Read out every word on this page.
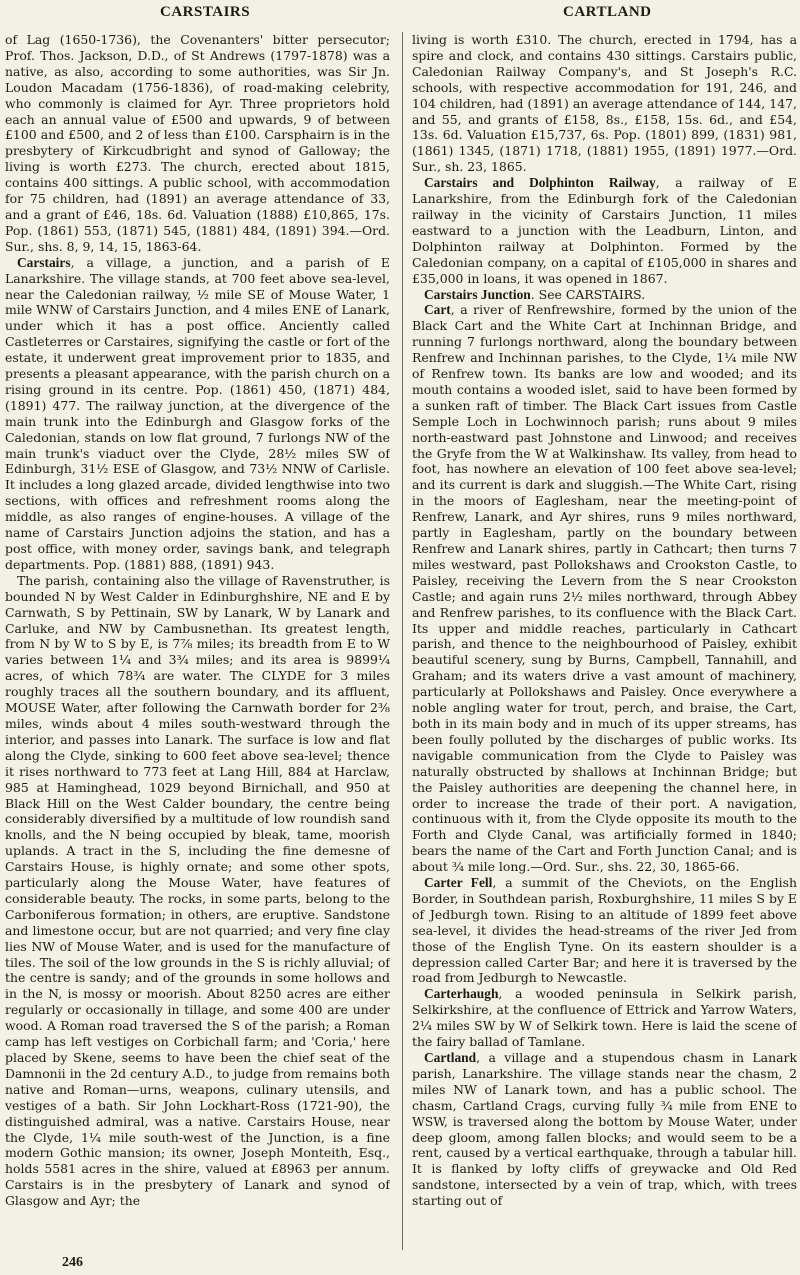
CARSTAIRS	CARTLAND

of Lag (1650-1736), the Covenanters' bitter persecutor; Prof. Thos. Jackson, D.D., of St Andrews (1797-1878) was a native, as also, according to some authorities, was Sir Jn. Loudon Macadam (1756-1836), of road-making celebrity, who commonly is claimed for Ayr. Three proprietors hold each an annual value of £500 and upwards, 9 of between £100 and £500, and 2 of less than £100. Carsphairn is in the presbytery of Kirkcudbright and synod of Galloway; the living is worth £273. The church, erected about 1815, contains 400 sittings. A public school, with accommodation for 75 children, had (1891) an average attendance of 33, and a grant of £46, 18s. 6d. Valuation (1888) £10,865, 17s. Pop. (1861) 553, (1871) 545, (1881) 484, (1891) 394.—Ord. Sur., shs. 8, 9, 14, 15, 1863-64.

Carstairs, a village, a junction, and a parish of E Lanarkshire. The village stands, at 700 feet above sea-level, near the Caledonian railway, ½ mile SE of Mouse Water, 1 mile WNW of Carstairs Junction, and 4 miles ENE of Lanark, under which it has a post office. Anciently called Castleterres or Carstaires, signifying the castle or fort of the estate, it underwent great improvement prior to 1835, and presents a pleasant appearance, with the parish church on a rising ground in its centre. Pop. (1861) 450, (1871) 484, (1891) 477. The railway junction, at the divergence of the main trunk into the Edinburgh and Glasgow forks of the Caledonian, stands on low flat ground, 7 furlongs NW of the main trunk's viaduct over the Clyde, 28½ miles SW of Edinburgh, 31½ ESE of Glasgow, and 73½ NNW of Carlisle. It includes a long glazed arcade, divided lengthwise into two sections, with offices and refreshment rooms along the middle, as also ranges of engine-houses. A village of the name of Carstairs Junction adjoins the station, and has a post office, with money order, savings bank, and telegraph departments. Pop. (1881) 888, (1891) 943.

The parish, containing also the village of Ravenstruther, is bounded N by West Calder in Edinburghshire, NE and E by Carnwath, S by Pettinain, SW by Lanark, W by Lanark and Carluke, and NW by Cambusnethan. Its greatest length, from N by W to S by E, is 7⅞ miles; its breadth from E to W varies between 1¼ and 3¾ miles; and its area is 9899¼ acres, of which 78¾ are water. The CLYDE for 3 miles roughly traces all the southern boundary, and its affluent, MOUSE Water, after following the Carnwath border for 2⅜ miles, winds about 4 miles south-westward through the interior, and passes into Lanark. The surface is low and flat along the Clyde, sinking to 600 feet above sea-level; thence it rises northward to 773 feet at Lang Hill, 884 at Harclaw, 985 at Haminghead, 1029 beyond Birnichall, and 950 at Black Hill on the West Calder boundary, the centre being considerably diversified by a multitude of low roundish sand knolls, and the N being occupied by bleak, tame, moorish uplands. A tract in the S, including the fine demesne of Carstairs House, is highly ornate; and some other spots, particularly along the Mouse Water, have features of considerable beauty. The rocks, in some parts, belong to the Carboniferous formation; in others, are eruptive. Sandstone and limestone occur, but are not quarried; and very fine clay lies NW of Mouse Water, and is used for the manufacture of tiles. The soil of the low grounds in the S is richly alluvial; of the centre is sandy; and of the grounds in some hollows and in the N, is mossy or moorish. About 8250 acres are either regularly or occasionally in tillage, and some 400 are under wood. A Roman road traversed the S of the parish; a Roman camp has left vestiges on Corbichall farm; and 'Coria,' here placed by Skene, seems to have been the chief seat of the Damnonii in the 2d century A.D., to judge from remains both native and Roman—urns, weapons, culinary utensils, and vestiges of a bath. Sir John Lockhart-Ross (1721-90), the distinguished admiral, was a native. Carstairs House, near the Clyde, 1¼ mile south-west of the Junction, is a fine modern Gothic mansion; its owner, Joseph Monteith, Esq., holds 5581 acres in the shire, valued at £8963 per annum. Carstairs is in the presbytery of Lanark and synod of Glasgow and Ayr; the

living is worth £310. The church, erected in 1794, has a spire and clock, and contains 430 sittings. Carstairs public, Caledonian Railway Company's, and St Joseph's R.C. schools, with respective accommodation for 191, 246, and 104 children, had (1891) an average attendance of 144, 147, and 55, and grants of £158, 8s., £158, 15s. 6d., and £54, 13s. 6d. Valuation £15,737, 6s. Pop. (1801) 899, (1831) 981, (1861) 1345, (1871) 1718, (1881) 1955, (1891) 1977.—Ord. Sur., sh. 23, 1865.

Carstairs and Dolphinton Railway, a railway of E Lanarkshire, from the Edinburgh fork of the Caledonian railway in the vicinity of Carstairs Junction, 11 miles eastward to a junction with the Leadburn, Linton, and Dolphinton railway at Dolphinton. Formed by the Caledonian company, on a capital of £105,000 in shares and £35,000 in loans, it was opened in 1867.

Carstairs Junction. See CARSTAIRS.

Cart, a river of Renfrewshire, formed by the union of the Black Cart and the White Cart at Inchinnan Bridge, and running 7 furlongs northward, along the boundary between Renfrew and Inchinnan parishes, to the Clyde, 1¼ mile NW of Renfrew town. Its banks are low and wooded; and its mouth contains a wooded islet, said to have been formed by a sunken raft of timber. The Black Cart issues from Castle Semple Loch in Lochwinnoch parish; runs about 9 miles north-eastward past Johnstone and Linwood; and receives the Gryfe from the W at Walkinshaw. Its valley, from head to foot, has nowhere an elevation of 100 feet above sea-level; and its current is dark and sluggish.—The White Cart, rising in the moors of Eaglesham, near the meeting-point of Renfrew, Lanark, and Ayr shires, runs 9 miles northward, partly in Eaglesham, partly on the boundary between Renfrew and Lanark shires, partly in Cathcart; then turns 7 miles westward, past Pollokshaws and Crookston Castle, to Paisley, receiving the Levern from the S near Crookston Castle; and again runs 2½ miles northward, through Abbey and Renfrew parishes, to its confluence with the Black Cart. Its upper and middle reaches, particularly in Cathcart parish, and thence to the neighbourhood of Paisley, exhibit beautiful scenery, sung by Burns, Campbell, Tannahill, and Graham; and its waters drive a vast amount of machinery, particularly at Pollokshaws and Paisley. Once everywhere a noble angling water for trout, perch, and braise, the Cart, both in its main body and in much of its upper streams, has been foully polluted by the discharges of public works. Its navigable communication from the Clyde to Paisley was naturally obstructed by shallows at Inchinnan Bridge; but the Paisley authorities are deepening the channel here, in order to increase the trade of their port. A navigation, continuous with it, from the Clyde opposite its mouth to the Forth and Clyde Canal, was artificially formed in 1840; bears the name of the Cart and Forth Junction Canal; and is about ¾ mile long.—Ord. Sur., shs. 22, 30, 1865-66.

Carter Fell, a summit of the Cheviots, on the English Border, in Southdean parish, Roxburghshire, 11 miles S by E of Jedburgh town. Rising to an altitude of 1899 feet above sea-level, it divides the head-streams of the river Jed from those of the English Tyne. On its eastern shoulder is a depression called Carter Bar; and here it is traversed by the road from Jedburgh to Newcastle.

Carterhaugh, a wooded peninsula in Selkirk parish, Selkirkshire, at the confluence of Ettrick and Yarrow Waters, 2¼ miles SW by W of Selkirk town. Here is laid the scene of the fairy ballad of Tamlane.

Cartland, a village and a stupendous chasm in Lanark parish, Lanarkshire. The village stands near the chasm, 2 miles NW of Lanark town, and has a public school. The chasm, Cartland Crags, curving fully ¾ mile from ENE to WSW, is traversed along the bottom by Mouse Water, under deep gloom, among fallen blocks; and would seem to be a rent, caused by a vertical earthquake, through a tabular hill. It is flanked by lofty cliffs of greywacke and Old Red sandstone, intersected by a vein of trap, which, with trees starting out of

246
